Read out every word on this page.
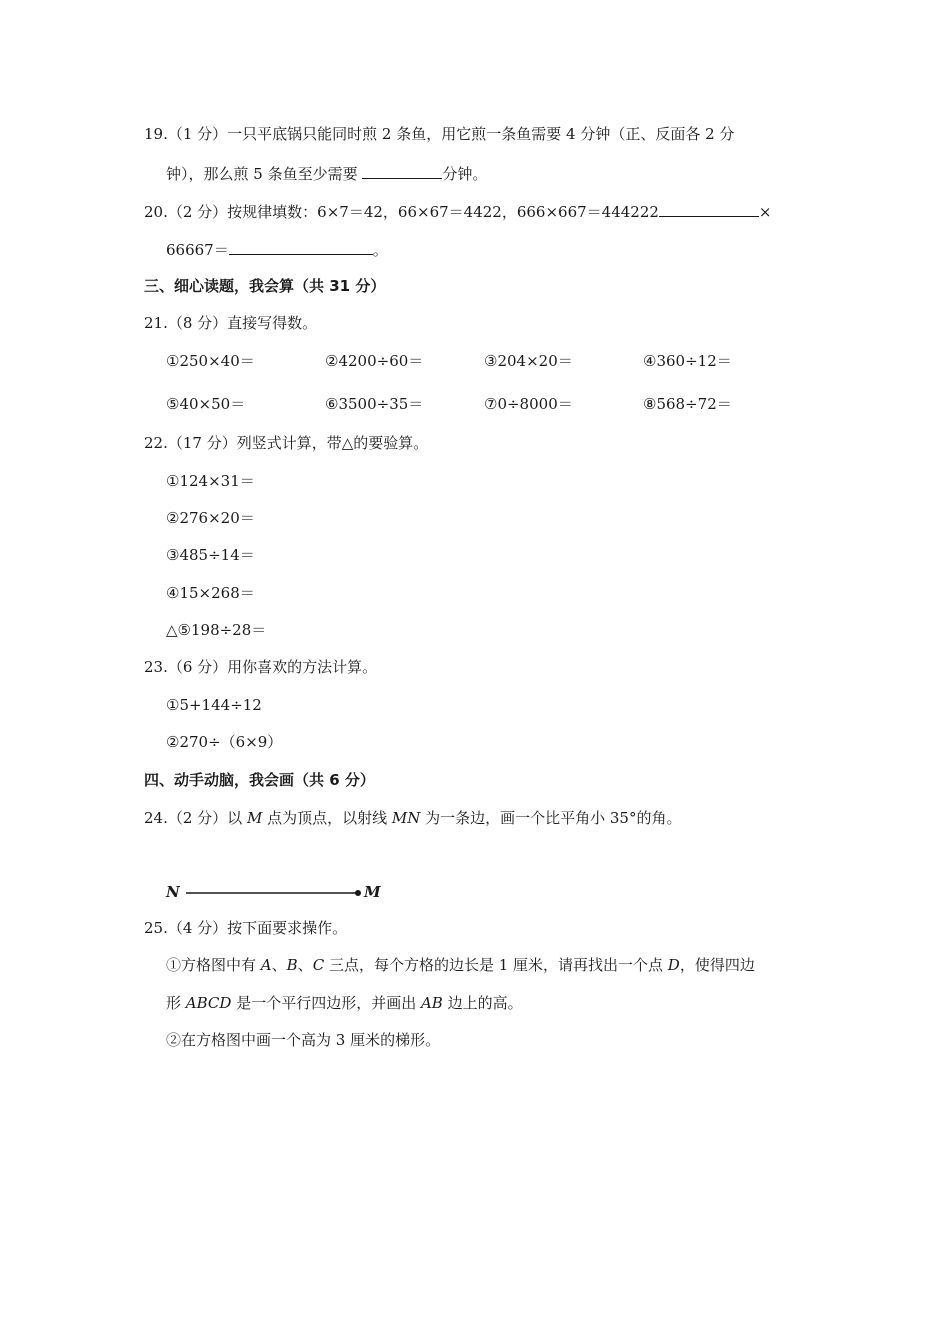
19.（1 分）一只平底锅只能同时煎 2 条鱼，用它煎一条鱼需要 4 分钟（正、反面各 2 分
钟），那么煎 5 条鱼至少需要	分钟。
20.（2 分）按规律填数：6×7＝42，66×67＝4422，666×667＝444222	×
66667＝	。
三、细心读题，我会算（共 31 分）
21.（8 分）直接写得数。
①250×40＝	②4200÷60＝	③204×20＝	④360÷12＝
⑤40×50＝	⑥3500÷35＝	⑦0÷8000＝	⑧568÷72＝
22.（17 分）列竖式计算，带△的要验算。
①124×31＝
②276×20＝
③485÷14＝
④15×268＝
△⑤198÷28＝
23.（6 分）用你喜欢的方法计算。
①5+144÷12
②270÷（6×9）
四、动手动脑，我会画（共 6 分）
24.（2 分）以 M 点为顶点，以射线 MN 为一条边，画一个比平角小 35°的角。
N	M
25.（4 分）按下面要求操作。
①方格图中有 A、B、C 三点，每个方格的边长是 1 厘米，请再找出一个点 D，使得四边
形 ABCD 是一个平行四边形，并画出 AB 边上的高。
②在方格图中画一个高为 3 厘米的梯形。
